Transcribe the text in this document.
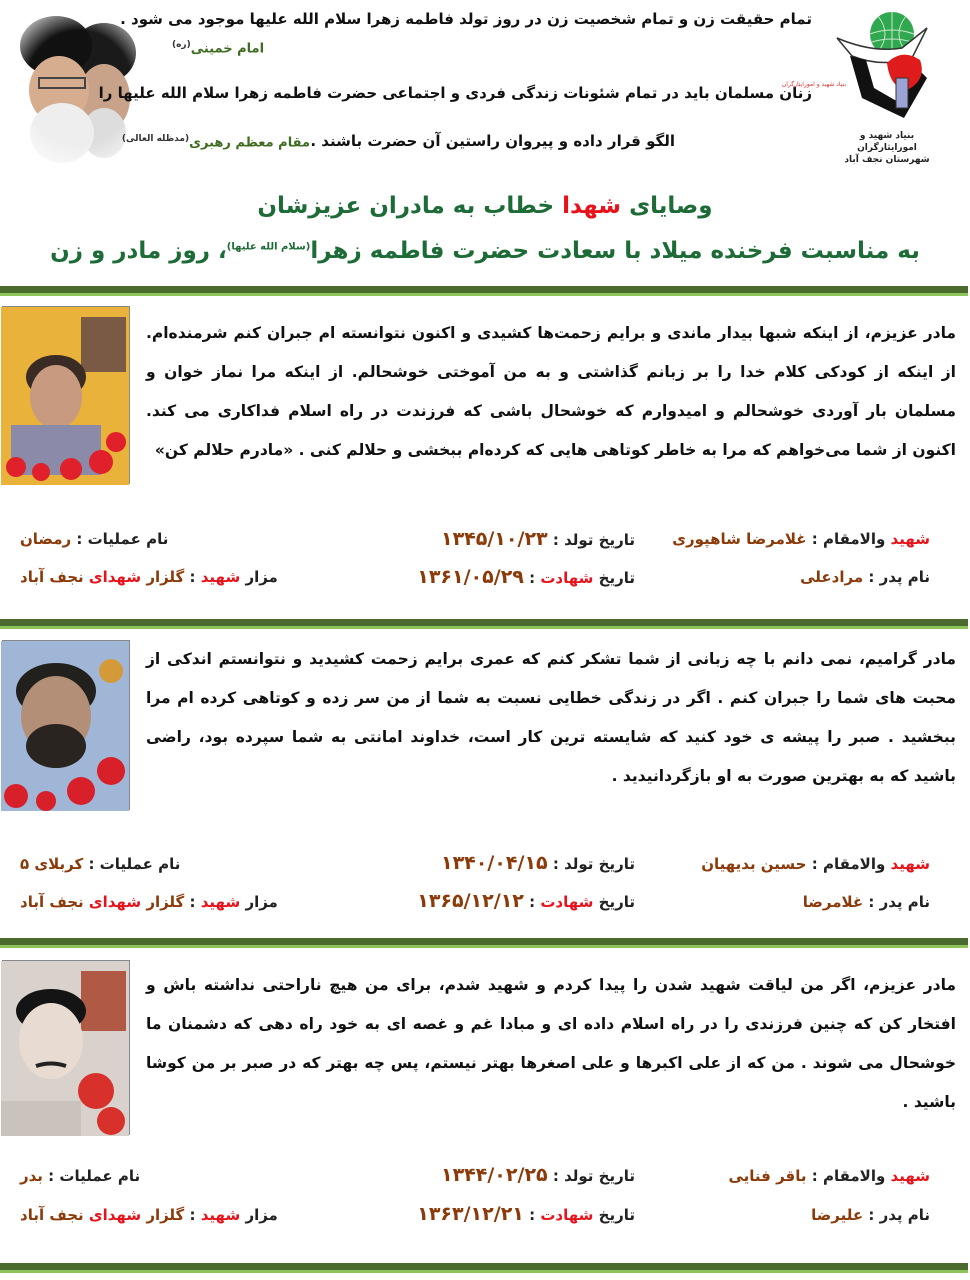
تمام حقیقت زن و تمام شخصیت زن در روز تولد فاطمه زهرا سلام الله علیها موجود می شود .
امام خمینی$^{(ره)}$
زنان مسلمان باید در تمام شئونات زندگی فردی و اجتماعی حضرت فاطمه زهرا سلام الله علیها را
الگو قرار داده و پیروان راستین آن حضرت باشند .
مقام معظم رهبری$^{(مدظله العالی)}$
بنیاد شهید و امورایثارگران
بنیاد شهید و امورایثارگران
شهرستان نجف آباد
وصایای شهدا خطاب به مادران عزیزشان
به مناسبت فرخنده میلاد با سعادت حضرت فاطمه زهرا$^{(سلام الله علیها)}$، روز مادر و زن
مادر عزیزم، از اینکه شبها بیدار ماندی و برایم زحمت‌ها کشیدی و اکنون نتوانسته ام جبران کنم شرمنده‌ام. از اینکه از کودکی کلام خدا را بر زبانم گذاشتی و به من آموختی خوشحالم. از اینکه مرا نماز خوان و مسلمان بار آوردی خوشحالم و امیدوارم که خوشحال باشی که فرزندت در راه اسلام فداکاری می کند. اکنون از شما می‌خواهم که مرا به خاطر کوتاهی هایی که کرده‌ام ببخشی و حلالم کنی . «مادرم حلالم کن»
شهید والامقام : غلامرضا شاهپوری
تاریخ تولد : ۱۳۴۵/۱۰/۲۳
نام عملیات : رمضان
نام پدر : مرادعلی
تاریخ شهادت : ۱۳۶۱/۰۵/۲۹
مزار شهید : گلزار شهدای نجف آباد
مادر گرامیم، نمی دانم با چه زبانی از شما تشکر کنم که عمری برایم زحمت کشیدید و نتوانستم اندکی از محبت های شما را جبران کنم . اگر در زندگی خطایی نسبت به شما از من سر زده و کوتاهی کرده ام مرا ببخشید . صبر را پیشه ی خود کنید که شایسته ترین کار است، خداوند امانتی به شما سپرده بود، راضی باشید که به بهترین صورت به او بازگردانیدید .
شهید والامقام : حسین بدیهیان
تاریخ تولد : ۱۳۴۰/۰۴/۱۵
نام عملیات : کربلای ۵
نام پدر : غلامرضا
تاریخ شهادت : ۱۳۶۵/۱۲/۱۲
مزار شهید : گلزار شهدای نجف آباد
مادر عزیزم، اگر من لیاقت شهید شدن را پیدا کردم و شهید شدم، برای من هیچ ناراحتی نداشته باش و افتخار کن که چنین فرزندی را در راه اسلام داده ای و مبادا غم و غصه ای به خود راه دهی که دشمنان ما خوشحال می شوند . من که از علی اکبرها و علی اصغرها بهتر نیستم، پس چه بهتر که در صبر بر من کوشا باشید .
شهید والامقام : باقر فنایی
تاریخ تولد : ۱۳۴۴/۰۲/۲۵
نام عملیات : بدر
نام پدر : علیرضا
تاریخ شهادت : ۱۳۶۳/۱۲/۲۱
مزار شهید : گلزار شهدای نجف آباد
